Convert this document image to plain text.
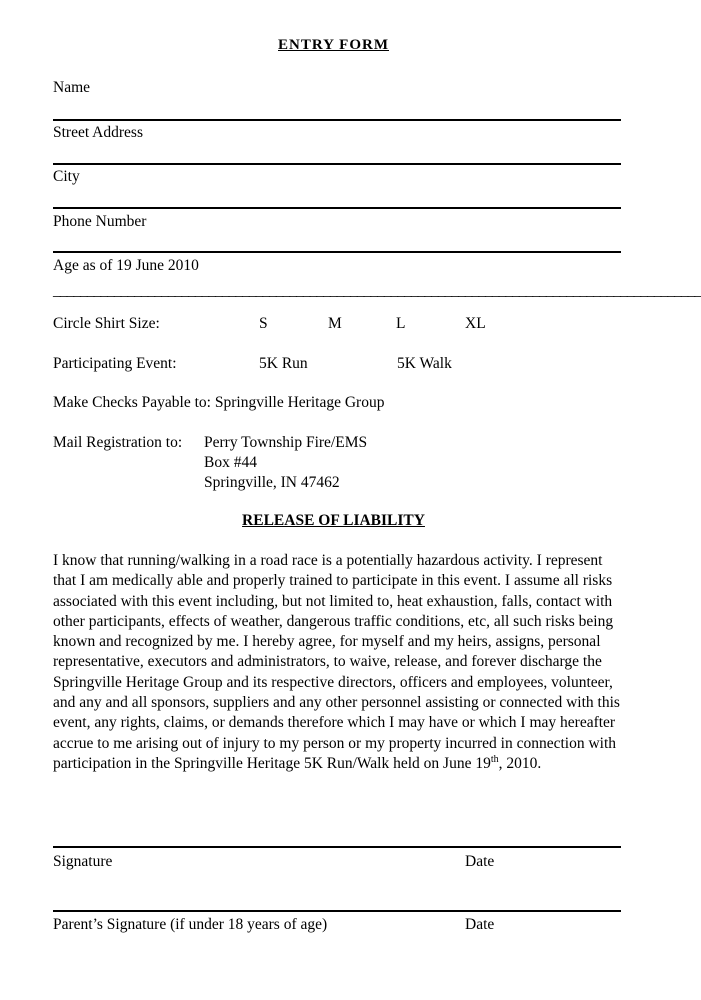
ENTRY FORM
Name
Street Address
City
Phone Number
Age as of 19 June 2010
________________________________________________________________________________________________
Circle Shirt Size:	S	M	L	XL
Participating Event:	5K Run	5K Walk
Make Checks Payable to: Springville Heritage Group
Mail Registration to: Perry Township Fire/EMS
Box #44
Springville, IN 47462
RELEASE OF LIABILITY
I know that running/walking in a road race is a potentially hazardous activity. I represent that I am medically able and properly trained to participate in this event. I assume all risks associated with this event including, but not limited to, heat exhaustion, falls, contact with other participants, effects of weather, dangerous traffic conditions, etc, all such risks being known and recognized by me. I hereby agree, for myself and my heirs, assigns, personal representative, executors and administrators, to waive, release, and forever discharge the Springville Heritage Group and its respective directors, officers and employees, volunteer, and any and all sponsors, suppliers and any other personnel assisting or connected with this event, any rights, claims, or demands therefore which I may have or which I may hereafter accrue to me arising out of injury to my person or my property incurred in connection with participation in the Springville Heritage 5K Run/Walk held on June 19th, 2010.
Signature	Date
Parent’s Signature (if under 18 years of age)	Date
